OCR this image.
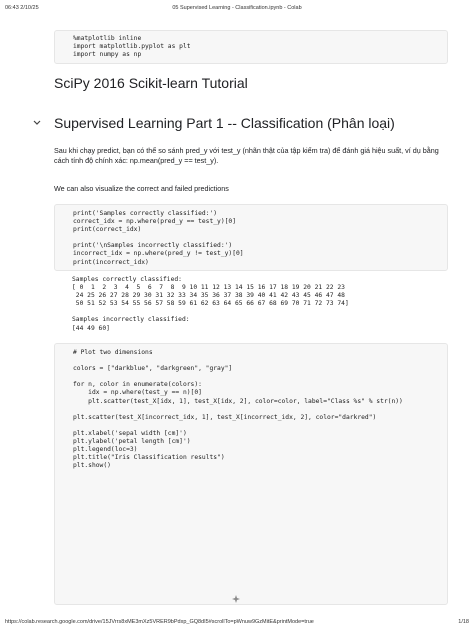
06:43 2/10/25	05 Supervised Learning - Classification.ipynb - Colab
%matplotlib inline
import matplotlib.pyplot as plt
import numpy as np
SciPy 2016 Scikit-learn Tutorial
Supervised Learning Part 1 -- Classification (Phân loại)
Sau khi chạy predict, bạn có thể so sánh pred_y với test_y (nhãn thật của tập kiểm tra) để đánh giá hiệu suất, ví dụ bằng cách tính độ chính xác: np.mean(pred_y == test_y).
We can also visualize the correct and failed predictions
print('Samples correctly classified:')
correct_idx = np.where(pred_y == test_y)[0]
print(correct_idx)

print('\nSamples incorrectly classified:')
incorrect_idx = np.where(pred_y != test_y)[0]
print(incorrect_idx)
Samples correctly classified:
[ 0  1  2  3  4  5  6  7  8  9 10 11 12 13 14 15 16 17 18 19 20 21 22 23
24 25 26 27 28 29 30 31 32 33 34 35 36 37 38 39 40 41 42 43 45 46 47 48
50 51 52 53 54 55 56 57 58 59 61 62 63 64 65 66 67 68 69 70 71 72 73 74]

Samples incorrectly classified:
[44 49 60]
# Plot two dimensions

colors = ["darkblue", "darkgreen", "gray"]

for n, color in enumerate(colors):
idx = np.where(test_y == n)[0]
plt.scatter(test_X[idx, 1], test_X[idx, 2], color=color, label="Class %s" % str(n))

plt.scatter(test_X[incorrect_idx, 1], test_X[incorrect_idx, 2], color="darkred")

plt.xlabel('sepal width [cm]')
plt.ylabel('petal length [cm]')
plt.legend(loc=3)
plt.title("Iris Classification results")
plt.show()
https://colab.research.google.com/drive/15JVrrs8xME3mXz5VRER9bPdxp_GQ8dI5#scrollTo=pWnuw9GzMitE&printMode=true	1/18
